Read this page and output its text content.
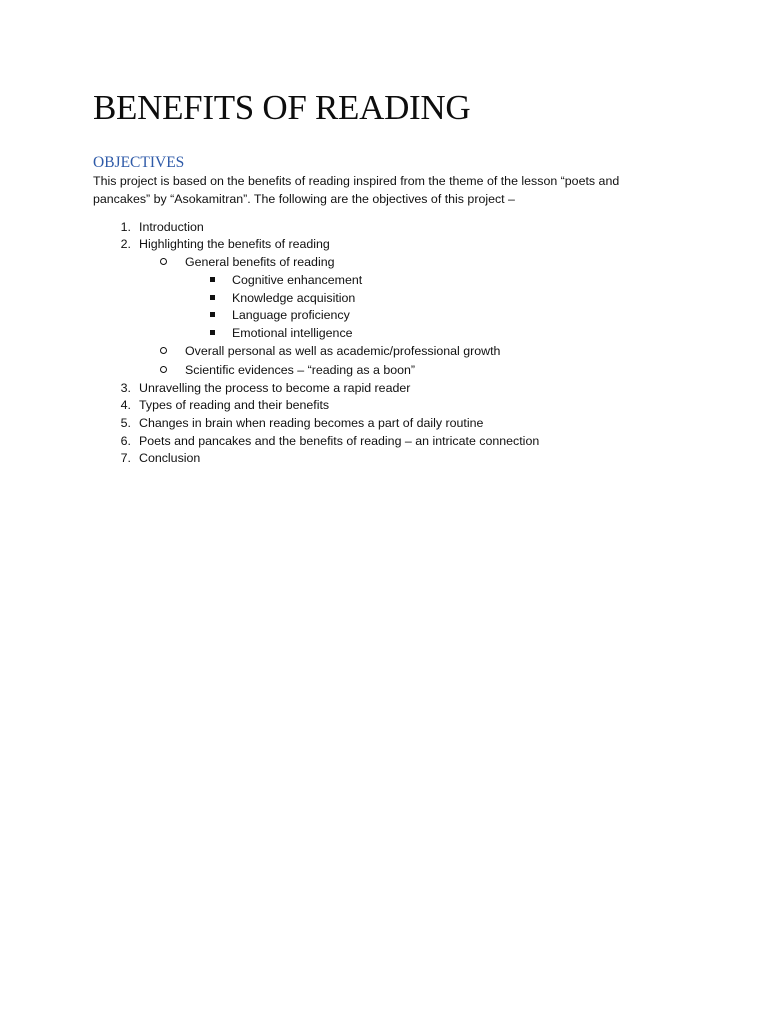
BENEFITS OF READING
OBJECTIVES

This project is based on the benefits of reading inspired from the theme of the lesson “poets and pancakes” by “Asokamitran”. The following are the objectives of this project –

1. Introduction
2. Highlighting the benefits of reading
General benefits of reading
Cognitive enhancement
Knowledge acquisition
Language proficiency
Emotional intelligence
Overall personal as well as academic/professional growth
Scientific evidences – “reading as a boon”
3. Unravelling the process to become a rapid reader
4. Types of reading and their benefits
5. Changes in brain when reading becomes a part of daily routine
6. Poets and pancakes and the benefits of reading – an intricate connection
7. Conclusion
